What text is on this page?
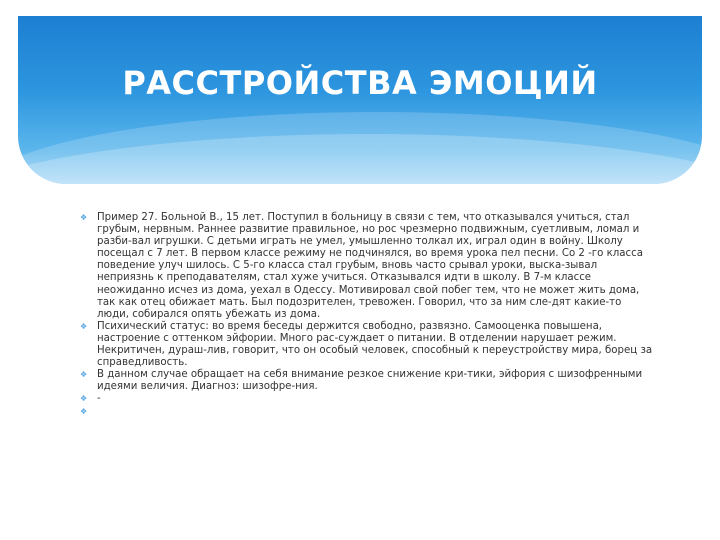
РАССТРОЙСТВА ЭМОЦИЙ

❖ Пример 27. Больной В., 15 лет. Поступил в больницу в связи с тем, что отказывался учиться, стал грубым, нервным. Раннее развитие правильное, но рос чрезмерно подвижным, суетливым, ломал и разби-вал игрушки. С детьми играть не умел, умышленно толкал их, играл один в войну. Школу посещал с 7 лет. В первом классе режиму не подчинялся, во время урока пел песни. Со 2 -го класса поведение улуч шилось. С 5-го класса стал грубым, вновь часто срывал уроки, выска-зывал неприязнь к преподавателям, стал хуже учиться. Отказывался идти в школу. В 7-м классе неожиданно исчез из дома, уехал в Одессу. Мотивировал свой побег тем, что не может жить дома, так как отец обижает мать. Был подозрителен, тревожен. Говорил, что за ним сле-дят какие-то люди, собирался опять убежать из дома.

❖ Психический статус: во время беседы держится свободно, развязно. Самооценка повышена, настроение с оттенком эйфории. Много рас-суждает о питании. В отделении нарушает режим. Некритичен, дураш-лив, говорит, что он особый человек, способный к переустройству мира, борец за справедливость.

❖ В данном случае обращает на себя внимание резкое снижение кри-тики, эйфория с шизофренными идеями величия. Диагноз: шизофре-ния.

❖ -

❖
